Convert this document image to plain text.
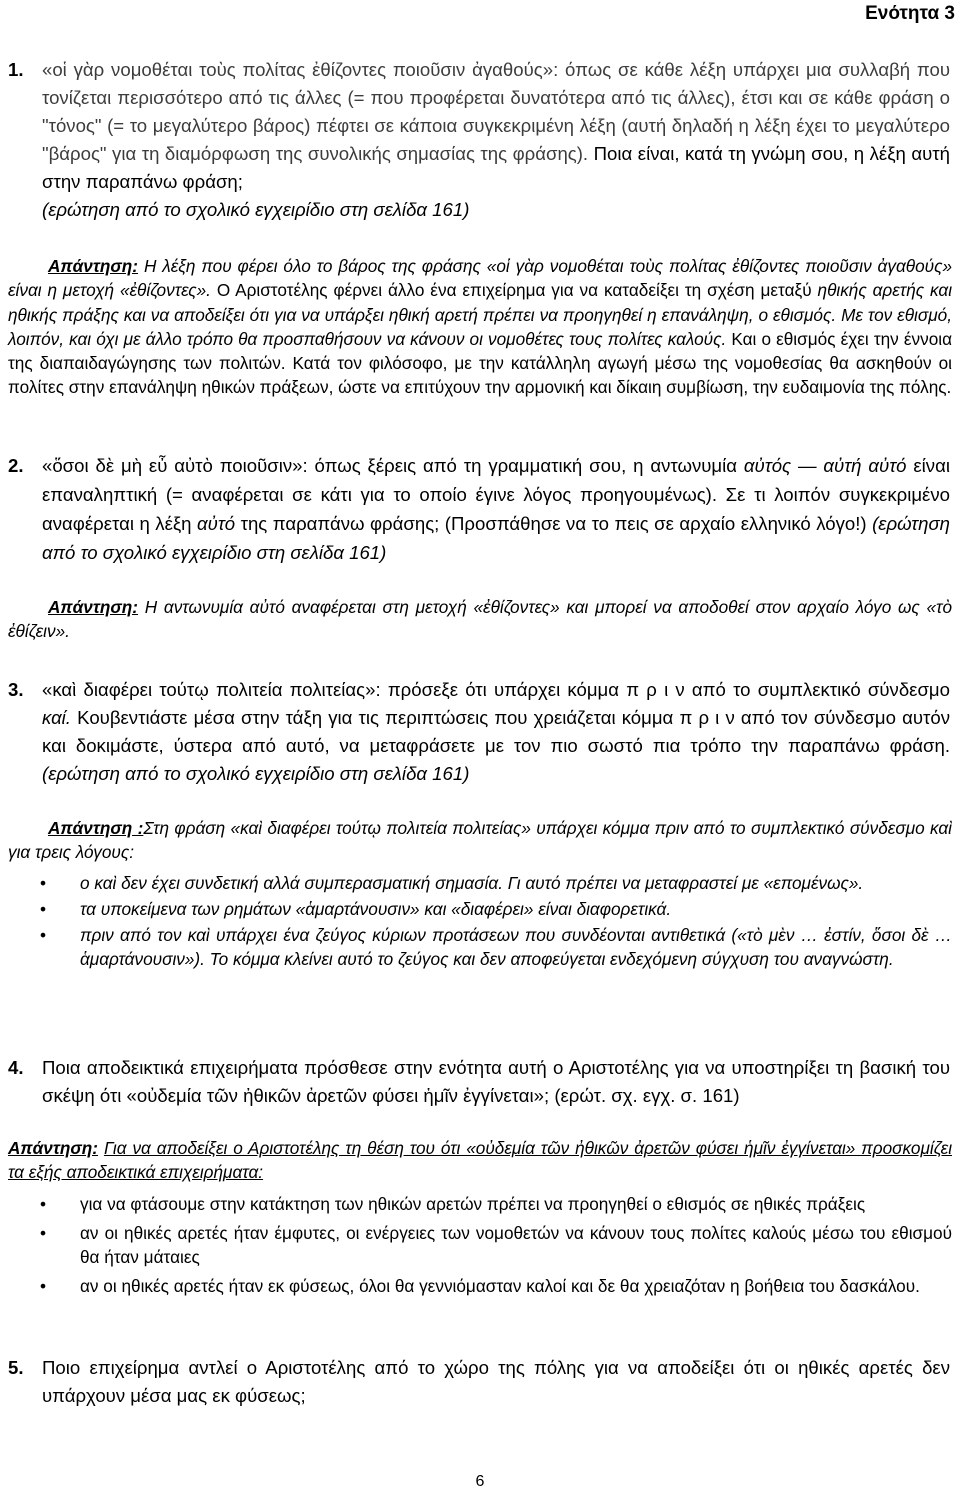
Ενότητα 3
1. «οἱ γὰρ νομοθέται τοὺς πολίτας ἐθίζοντες ποιοῦσιν ἀγαθούς»: όπως σε κάθε λέξη υπάρχει μια συλλαβή που τονίζεται περισσότερο από τις άλλες (= που προφέρεται δυνατότερα από τις άλλες), έτσι και σε κάθε φράση ο "τόνος" (= το μεγαλύτερο βάρος) πέφτει σε κάποια συγκεκριμένη λέξη (αυτή δηλαδή η λέξη έχει το μεγαλύτερο "βάρος" για τη διαμόρφωση της συνολικής σημασίας της φράσης). Ποια είναι, κατά τη γνώμη σου, η λέξη αυτή στην παραπάνω φράση;
(ερώτηση από το σχολικό εγχειρίδιο στη σελίδα 161)

Απάντηση: Η λέξη που φέρει όλο το βάρος της φράσης «οἱ γὰρ νομοθέται τοὺς πολίτας ἐθίζοντες ποιοῦσιν ἀγαθούς» είναι η μετοχή «ἐθίζοντες». Ο Αριστοτέλης φέρνει άλλο ένα επιχείρημα για να καταδείξει τη σχέση μεταξύ ηθικής αρετής και ηθικής πράξης και να αποδείξει ότι για να υπάρξει ηθική αρετή πρέπει να προηγηθεί η επανάληψη, ο εθισμός. Με τον εθισμό, λοιπόν, και όχι με άλλο τρόπο θα προσπαθήσουν να κάνουν οι νομοθέτες τους πολίτες καλούς. Και ο εθισμός έχει την έννοια της διαπαιδαγώγησης των πολιτών. Κατά τον φιλόσοφο, με την κατάλληλη αγωγή μέσω της νομοθεσίας θα ασκηθούν οι πολίτες στην επανάληψη ηθικών πράξεων, ώστε να επιτύχουν την αρμονική και δίκαιη συμβίωση, την ευδαιμονία της πόλης.

2. «ὅσοι δὲ μὴ εὖ αὐτὸ ποιοῦσιν»: όπως ξέρεις από τη γραμματική σου, η αντωνυμία αὐτός — αὐτή αὐτό είναι επαναληπτική (= αναφέρεται σε κάτι για το οποίο έγινε λόγος προηγουμένως). Σε τι λοιπόν συγκεκριμένο αναφέρεται η λέξη αὐτό της παραπάνω φράσης; (Προσπάθησε να το πεις σε αρχαίο ελληνικό λόγο!) (ερώτηση από το σχολικό εγχειρίδιο στη σελίδα 161)

Απάντηση: Η αντωνυμία αὐτό αναφέρεται στη μετοχή «ἐθίζοντες» και μπορεί να αποδοθεί στον αρχαίο λόγο ως «τὸ ἐθίζειν».

3. «καὶ διαφέρει τούτῳ πολιτεία πολιτείας»: πρόσεξε ότι υπάρχει κόμμα π ρ ι ν από το συμπλεκτικό σύνδεσμο καί. Κουβεντιάστε μέσα στην τάξη για τις περιπτώσεις που χρειάζεται κόμμα π ρ ι ν από τον σύνδεσμο αυτόν και δοκιμάστε, ύστερα από αυτό, να μεταφράσετε με τον πιο σωστό πια τρόπο την παραπάνω φράση. (ερώτηση από το σχολικό εγχειρίδιο στη σελίδα 161)

Απάντηση :Στη φράση «καὶ διαφέρει τούτῳ πολιτεία πολιτείας» υπάρχει κόμμα πριν από το συμπλεκτικό σύνδεσμο καὶ για τρεις λόγους:

• ο καὶ δεν έχει συνδετική αλλά συμπερασματική σημασία. Γι αυτό πρέπει να μεταφραστεί με «επομένως».
• τα υποκείμενα των ρημάτων «ἁμαρτάνουσιν» και «διαφέρει» είναι διαφορετικά.
• πριν από τον καὶ υπάρχει ένα ζεύγος κύριων προτάσεων που συνδέονται αντιθετικά («τὸ μὲν … ἐστίν, ὅσοι δὲ … ἁμαρτάνουσιν»). Το κόμμα κλείνει αυτό το ζεύγος και δεν αποφεύγεται ενδεχόμενη σύγχυση του αναγνώστη.
4. Ποια αποδεικτικά επιχειρήματα πρόσθεσε στην ενότητα αυτή ο Αριστοτέλης για να υποστηρίξει τη βασική του σκέψη ότι «οὐδεμία τῶν ἠθικῶν ἀρετῶν φύσει ἡμῖν ἐγγίνεται»; (ερώτ. σχ. εγχ. σ. 161)

Απάντηση: Για να αποδείξει ο Αριστοτέλης τη θέση του ότι «οὐδεμία τῶν ἠθικῶν ἀρετῶν φύσει ἡμῖν ἐγγίνεται» προσκομίζει τα εξής αποδεικτικά επιχειρήματα:

• για να φτάσουμε στην κατάκτηση των ηθικών αρετών πρέπει να προηγηθεί ο εθισμός σε ηθικές πράξεις
• αν οι ηθικές αρετές ήταν έμφυτες, οι ενέργειες των νομοθετών να κάνουν τους πολίτες καλούς μέσω του εθισμού θα ήταν μάταιες
• αν οι ηθικές αρετές ήταν εκ φύσεως, όλοι θα γεννιόμασταν καλοί και δε θα χρειαζόταν η βοήθεια του δασκάλου.
5. Ποιο επιχείρημα αντλεί ο Αριστοτέλης από το χώρο της πόλης για να αποδείξει ότι οι ηθικές αρετές δεν υπάρχουν μέσα μας εκ φύσεως;
6
